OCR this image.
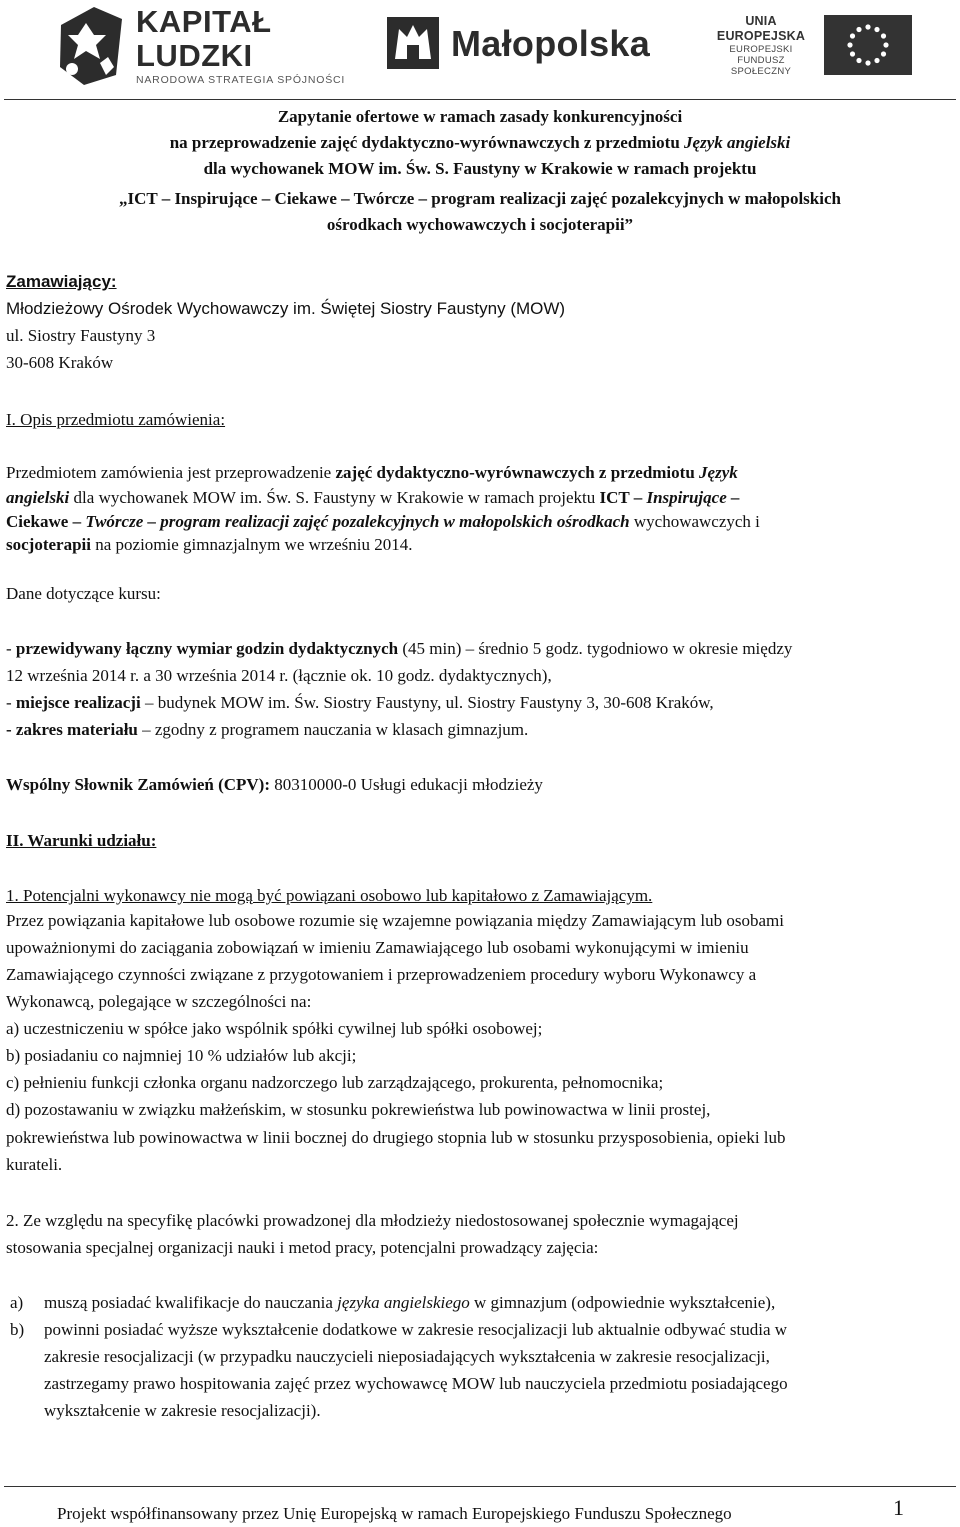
KAPITAŁ LUDZKI
NARODOWA STRATEGIA SPÓJNOŚCI
Małopolska
UNIA EUROPEJSKA
EUROPEJSKI
FUNDUSZ SPOŁECZNY
Zapytanie ofertowe w ramach zasady konkurencyjności
na przeprowadzenie zajęć dydaktyczno-wyrównawczych z przedmiotu Język angielski
dla wychowanek MOW im. Św. S. Faustyny w Krakowie w ramach projektu
„ICT – Inspirujące – Ciekawe – Twórcze – program realizacji zajęć pozalekcyjnych w małopolskich
ośrodkach wychowawczych i socjoterapii”
Zamawiający:
Młodzieżowy Ośrodek Wychowawczy im. Świętej Siostry Faustyny (MOW)
ul. Siostry Faustyny 3
30-608 Kraków
I. Opis przedmiotu zamówienia:
Przedmiotem zamówienia jest przeprowadzenie zajęć dydaktyczno-wyrównawczych z przedmiotu Język
angielski dla wychowanek MOW im. Św. S. Faustyny w Krakowie w ramach projektu ICT – Inspirujące –
Ciekawe – Twórcze – program realizacji zajęć pozalekcyjnych w małopolskich ośrodkach wychowawczych i
socjoterapii na poziomie gimnazjalnym we wrześniu 2014.
Dane dotyczące kursu:
- przewidywany łączny wymiar godzin dydaktycznych (45 min) – średnio 5 godz. tygodniowo w okresie między
12 września 2014 r. a 30 września 2014 r. (łącznie ok. 10 godz. dydaktycznych),
- miejsce realizacji – budynek MOW im. Św. Siostry Faustyny, ul. Siostry Faustyny 3, 30-608 Kraków,
- zakres materiału – zgodny z programem nauczania w klasach gimnazjum.
Wspólny Słownik Zamówień (CPV): 80310000-0 Usługi edukacji młodzieży
II. Warunki udziału:
1. Potencjalni wykonawcy nie mogą być powiązani osobowo lub kapitałowo z Zamawiającym.
Przez powiązania kapitałowe lub osobowe rozumie się wzajemne powiązania między Zamawiającym lub osobami
upoważnionymi do zaciągania zobowiązań w imieniu Zamawiającego lub osobami wykonującymi w imieniu
Zamawiającego czynności związane z przygotowaniem i przeprowadzeniem procedury wyboru Wykonawcy a
Wykonawcą, polegające w szczególności na:
a) uczestniczeniu w spółce jako wspólnik spółki cywilnej lub spółki osobowej;
b) posiadaniu co najmniej 10 % udziałów lub akcji;
c) pełnieniu funkcji członka organu nadzorczego lub zarządzającego, prokurenta, pełnomocnika;
d) pozostawaniu w związku małżeńskim, w stosunku pokrewieństwa lub powinowactwa w linii prostej,
pokrewieństwa lub powinowactwa w linii bocznej do drugiego stopnia lub w stosunku przysposobienia, opieki lub
kurateli.
2. Ze względu na specyfikę placówki prowadzonej dla młodzieży niedostosowanej społecznie wymagającej
stosowania specjalnej organizacji nauki i metod pracy, potencjalni prowadzący zajęcia:
a) muszą posiadać kwalifikacje do nauczania języka angielskiego w gimnazjum (odpowiednie wykształcenie),
b) powinni posiadać wyższe wykształcenie dodatkowe w zakresie resocjalizacji lub aktualnie odbywać studia w
zakresie resocjalizacji (w przypadku nauczycieli nieposiadających wykształcenia w zakresie resocjalizacji,
zastrzegamy prawo hospitowania zajęć przez wychowawcę MOW lub nauczyciela przedmiotu posiadającego
wykształcenie w zakresie resocjalizacji).
Projekt współfinansowany przez Unię Europejską w ramach Europejskiego Funduszu Społecznego	1
